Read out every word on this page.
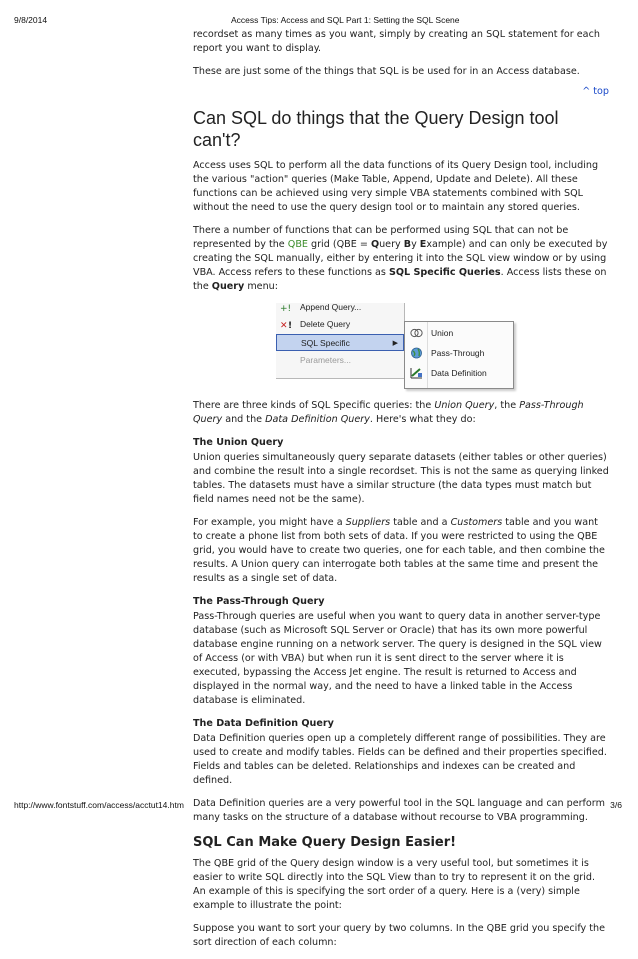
9/8/2014	Access Tips: Access and SQL Part 1: Setting the SQL Scene

recordset as many times as you want, simply by creating an SQL statement for each report you want to display.

These are just some of the things that SQL is be used for in an Access database.

^ top
Can SQL do things that the Query Design tool can't?

Access uses SQL to perform all the data functions of its Query Design tool, including the various "action" queries (Make Table, Append, Update and Delete). All these functions can be achieved using very simple VBA statements combined with SQL without the need to use the query design tool or to maintain any stored queries.

There a number of functions that can be performed using SQL that can not be represented by the QBE grid (QBE = Query By Example) and can only be executed by creating the SQL manually, either by entering it into the SQL view window or by using VBA. Access refers to these functions as SQL Specific Queries. Access lists these on the Query menu:

+! Append Query...
✕ ! Delete Query
SQL Specific	▶
Parameters...
Union
Pass-Through
Data Definition

There are three kinds of SQL Specific queries: the Union Query, the Pass-Through Query and the Data Definition Query. Here's what they do:

The Union Query

Union queries simultaneously query separate datasets (either tables or other queries) and combine the result into a single recordset. This is not the same as querying linked tables. The datasets must have a similar structure (the data types must match but field names need not be the same).

For example, you might have a Suppliers table and a Customers table and you want to create a phone list from both sets of data. If you were restricted to using the QBE grid, you would have to create two queries, one for each table, and then combine the results. A Union query can interrogate both tables at the same time and present the results as a single set of data.

The Pass-Through Query

Pass-Through queries are useful when you want to query data in another server-type database (such as Microsoft SQL Server or Oracle) that has its own more powerful database engine running on a network server. The query is designed in the SQL view of Access (or with VBA) but when run it is sent direct to the server where it is executed, bypassing the Access Jet engine. The result is returned to Access and displayed in the normal way, and the need to have a linked table in the Access database is eliminated.

The Data Definition Query

Data Definition queries open up a completely different range of possibilities. They are used to create and modify tables. Fields can be defined and their properties specified. Fields and tables can be deleted. Relationships and indexes can be created and defined.

Data Definition queries are a very powerful tool in the SQL language and can perform many tasks on the structure of a database without recourse to VBA programming.

SQL Can Make Query Design Easier!

The QBE grid of the Query design window is a very useful tool, but sometimes it is easier to write SQL directly into the SQL View than to try to represent it on the grid. An example of this is specifying the sort order of a query. Here is a (very) simple example to illustrate the point:

Suppose you want to sort your query by two columns. In the QBE grid you specify the sort direction of each column:

http://www.fontstuff.com/access/acctut14.htm	3/6
